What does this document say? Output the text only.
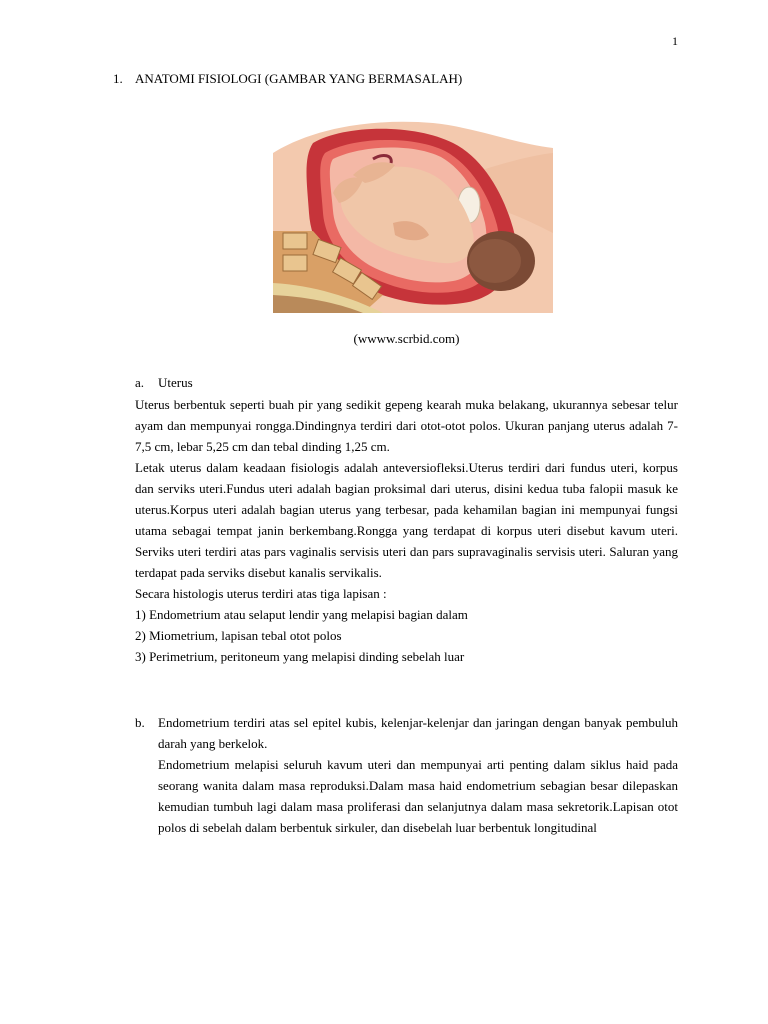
1
1. ANATOMI FISIOLOGI (GAMBAR YANG BERMASALAH)
(wwww.scrbid.com)
a. Uterus

Uterus berbentuk seperti buah pir yang sedikit gepeng kearah muka belakang, ukurannya sebesar telur ayam dan mempunyai rongga.Dindingnya terdiri dari otot-otot polos. Ukuran panjang uterus adalah 7-7,5 cm, lebar 5,25 cm dan tebal dinding 1,25 cm.

Letak uterus dalam keadaan fisiologis adalah anteversiofleksi.Uterus terdiri dari fundus uteri, korpus dan serviks uteri.Fundus uteri adalah bagian proksimal dari uterus, disini kedua tuba falopii masuk ke uterus.Korpus uteri adalah bagian uterus yang terbesar, pada kehamilan bagian ini mempunyai fungsi utama sebagai tempat janin berkembang.Rongga yang terdapat di korpus uteri disebut kavum uteri. Serviks uteri terdiri atas pars vaginalis servisis uteri dan pars supravaginalis servisis uteri. Saluran yang terdapat pada serviks disebut kanalis servikalis.

Secara histologis uterus terdiri atas tiga lapisan :

1) Endometrium atau selaput lendir yang melapisi bagian dalam

2) Miometrium, lapisan tebal otot polos

3) Perimetrium, peritoneum yang melapisi dinding sebelah luar

b. Endometrium terdiri atas sel epitel kubis, kelenjar-kelenjar dan jaringan dengan banyak pembuluh darah yang berkelok.

Endometrium melapisi seluruh kavum uteri dan mempunyai arti penting dalam siklus haid pada seorang wanita dalam masa reproduksi.Dalam masa haid endometrium sebagian besar dilepaskan kemudian tumbuh lagi dalam masa proliferasi dan selanjutnya dalam masa sekretorik.Lapisan otot polos di sebelah dalam berbentuk sirkuler, dan disebelah luar berbentuk longitudinal
